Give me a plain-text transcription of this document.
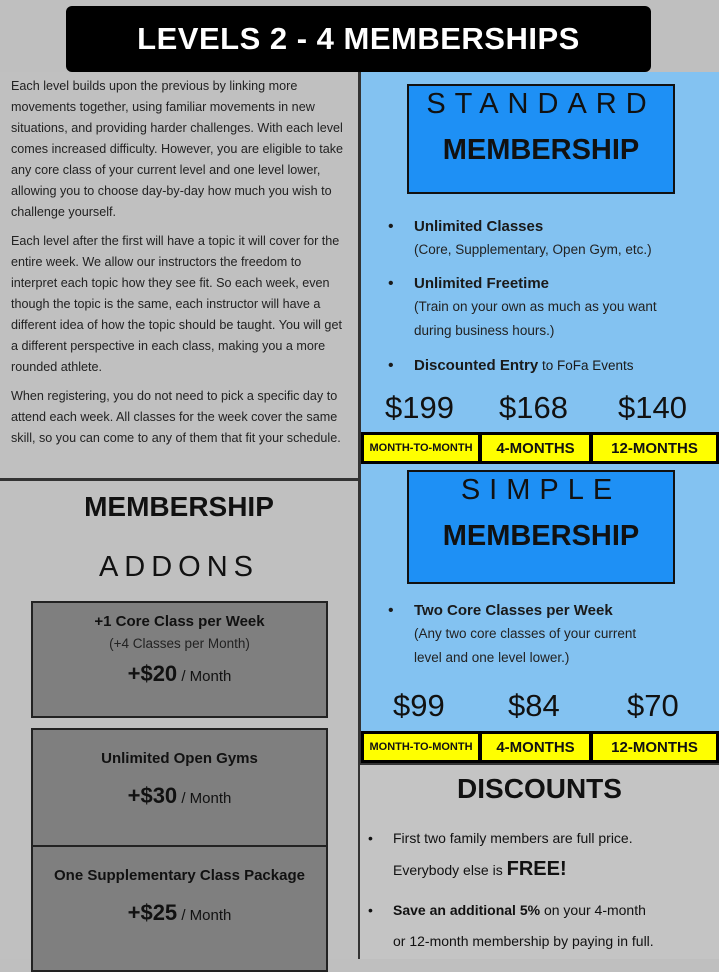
LEVELS 2 - 4 MEMBERSHIPS

Each level builds upon the previous by linking more movements together, using familiar movements in new situations, and providing harder challenges. With each level comes increased difficulty. However, you are eligible to take any core class of your current level and one level lower, allowing you to choose day-by-day how much you wish to challenge yourself.

Each level after the first will have a topic it will cover for the entire week. We allow our instructors the freedom to interpret each topic how they see fit. So each week, even though the topic is the same, each instructor will have a different idea of how the topic should be taught. You will get a different perspective in each class, making you a more rounded athlete.

When registering, you do not need to pick a specific day to attend each week. All classes for the week cover the same skill, so you can come to any of them that fit your schedule.

STANDARD
MEMBERSHIP
• Unlimited Classes
(Core, Supplementary, Open Gym, etc.)
• Unlimited Freetime
(Train on your own as much as you want
during business hours.)
• Discounted Entry to FoFa Events
$199 $168 $140
MONTH-TO-MONTH	4-MONTHS	12-MONTHS
SIMPLE
MEMBERSHIP
• Two Core Classes per Week
(Any two core classes of your current
level and one level lower.)
$99 $84 $70
MONTH-TO-MONTH	4-MONTHS	12-MONTHS
MEMBERSHIP
ADDONS
+1 Core Class per Week
(+4 Classes per Month)
+$20 / Month
Unlimited Open Gyms
+$30 / Month
One Supplementary Class Package
+$25 / Month
DISCOUNTS
• First two family members are full price.
Everybody else is FREE!
• Save an additional 5% on your 4-month
or 12-month membership by paying in full.
